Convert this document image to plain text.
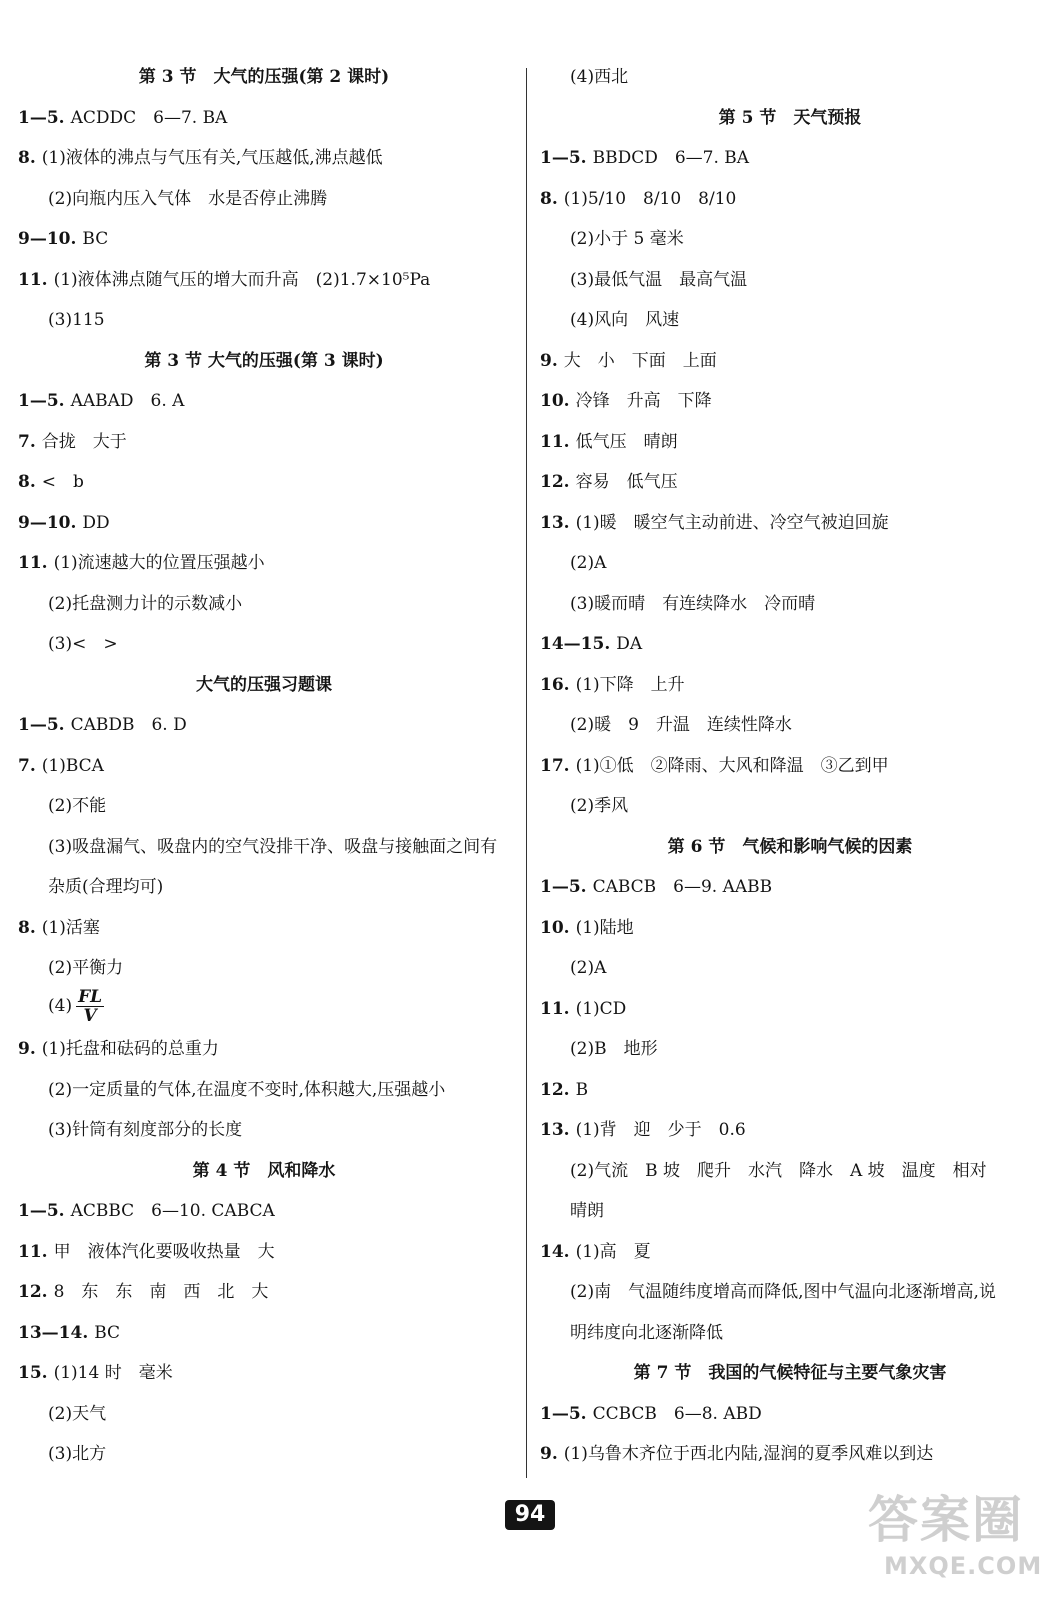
第 3 节　大气的压强(第 2 课时)
1—5. ACDDC　6—7. BA
8. (1)液体的沸点与气压有关,气压越低,沸点越低
(2)向瓶内压入气体　水是否停止沸腾
9—10. BC
11. (1)液体沸点随气压的增大而升高　(2)1.7×10⁵Pa
(3)115
第 3 节 大气的压强(第 3 课时)
1—5. AABAD　6. A
7. 合拢　大于
8. <　b
9—10. DD
11. (1)流速越大的位置压强越小
(2)托盘测力计的示数减小
(3)<　>
大气的压强习题课
1—5. CABDB　6. D
7. (1)BCA
(2)不能
(3)吸盘漏气、吸盘内的空气没排干净、吸盘与接触面之间有
杂质(合理均可)
8. (1)活塞
(2)平衡力
$(4) \frac{FL}{V}$
9. (1)托盘和砝码的总重力
(2)一定质量的气体,在温度不变时,体积越大,压强越小
(3)针筒有刻度部分的长度
第 4 节　风和降水
1—5. ACBBC　6—10. CABCA
11. 甲　液体汽化要吸收热量　大
12. 8　东　东　南　西　北　大
13—14. BC
15. (1)14 时　毫米
(2)天气
(3)北方
(4)西北
第 5 节　天气预报
1—5. BBDCD　6—7. BA
8. (1)5/10　8/10　8/10
(2)小于 5 毫米
(3)最低气温　最高气温
(4)风向　风速
9. 大　小　下面　上面
10. 冷锋　升高　下降
11. 低气压　晴朗
12. 容易　低气压
13. (1)暖　暖空气主动前进、冷空气被迫回旋
(2)A
(3)暖而晴　有连续降水　冷而晴
14—15. DA
16. (1)下降　上升
(2)暖　9　升温　连续性降水
17. (1)①低　②降雨、大风和降温　③乙到甲
(2)季风
第 6 节　气候和影响气候的因素
1—5. CABCB　6—9. AABB
10. (1)陆地
(2)A
11. (1)CD
(2)B　地形
12. B
13. (1)背　迎　少于　0.6
(2)气流　B 坡　爬升　水汽　降水　A 坡　温度　相对
晴朗
14. (1)高　夏
(2)南　气温随纬度增高而降低,图中气温向北逐渐增高,说
明纬度向北逐渐降低
第 7 节　我国的气候特征与主要气象灾害
1—5. CCBCB　6—8. ABD
9. (1)乌鲁木齐位于西北内陆,湿润的夏季风难以到达
94	答案圈
MXQE.COM
